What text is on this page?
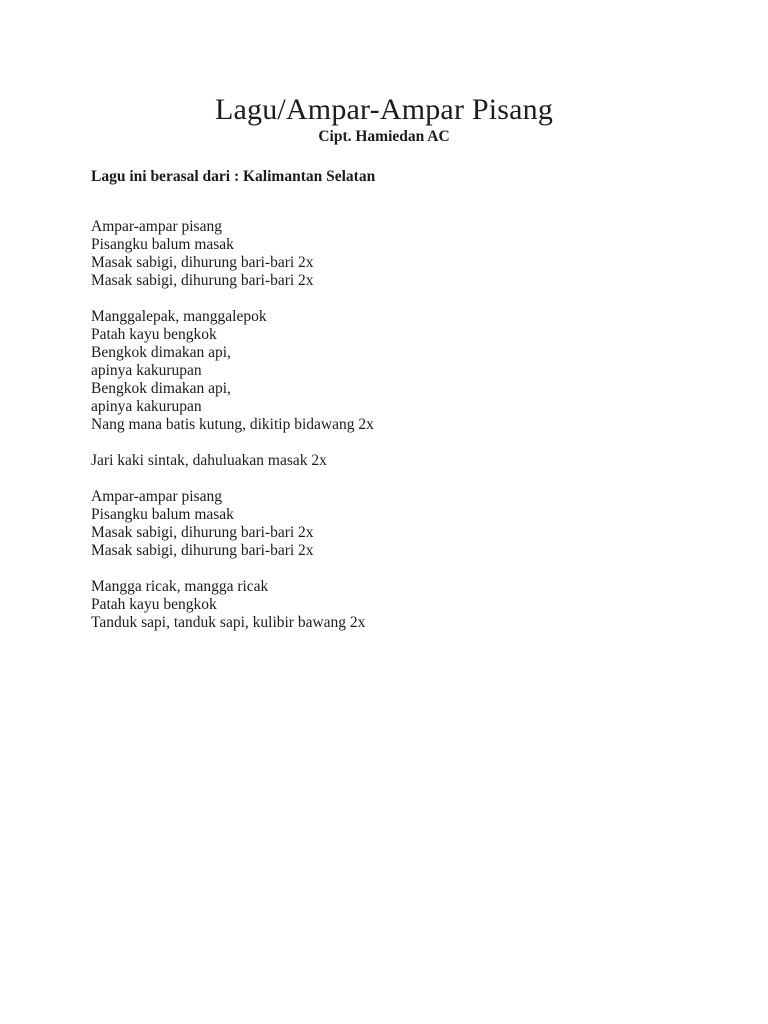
Lagu/Ampar-Ampar Pisang
Cipt. Hamiedan AC
Lagu ini berasal dari : Kalimantan Selatan
Ampar-ampar pisang
Pisangku balum masak
Masak sabigi, dihurung bari-bari 2x
Masak sabigi, dihurung bari-bari 2x
Manggalepak, manggalepok
Patah kayu bengkok
Bengkok dimakan api,
apinya kakurupan
Bengkok dimakan api,
apinya kakurupan
Nang mana batis kutung, dikitip bidawang 2x
Jari kaki sintak, dahuluakan masak 2x
Ampar-ampar pisang
Pisangku balum masak
Masak sabigi, dihurung bari-bari 2x
Masak sabigi, dihurung bari-bari 2x
Mangga ricak, mangga ricak
Patah kayu bengkok
Tanduk sapi, tanduk sapi, kulibir bawang 2x
